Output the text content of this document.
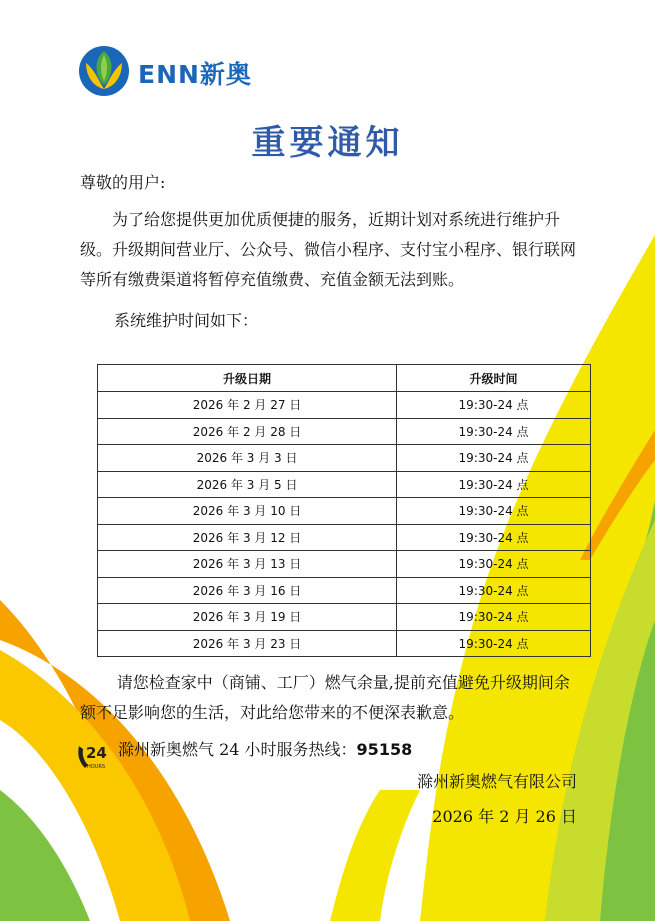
ENN新奥
重要通知
尊敬的用户:
为了给您提供更加优质便捷的服务，近期计划对系统进行维护升级。升级期间营业厅、公众号、微信小程序、支付宝小程序、银行联网等所有缴费渠道将暂停充值缴费、充值金额无法到账。
系统维护时间如下：
升级日期	升级时间
2026 年 2 月 27 日	19:30-24 点
2026 年 2 月 28 日	19:30-24 点
2026 年 3 月 3 日	19:30-24 点
2026 年 3 月 5 日	19:30-24 点
2026 年 3 月 10 日	19:30-24 点
2026 年 3 月 12 日	19:30-24 点
2026 年 3 月 13 日	19:30-24 点
2026 年 3 月 16 日	19:30-24 点
2026 年 3 月 19 日	19:30-24 点
2026 年 3 月 23 日	19:30-24 点
请您检查家中（商铺、工厂）燃气余量,提前充值避免升级期间余额不足影响您的生活，对此给您带来的不便深表歉意。
24
HOURS
滁州新奥燃气 24 小时服务热线：95158
滁州新奥燃气有限公司
2026 年 2 月 26 日
